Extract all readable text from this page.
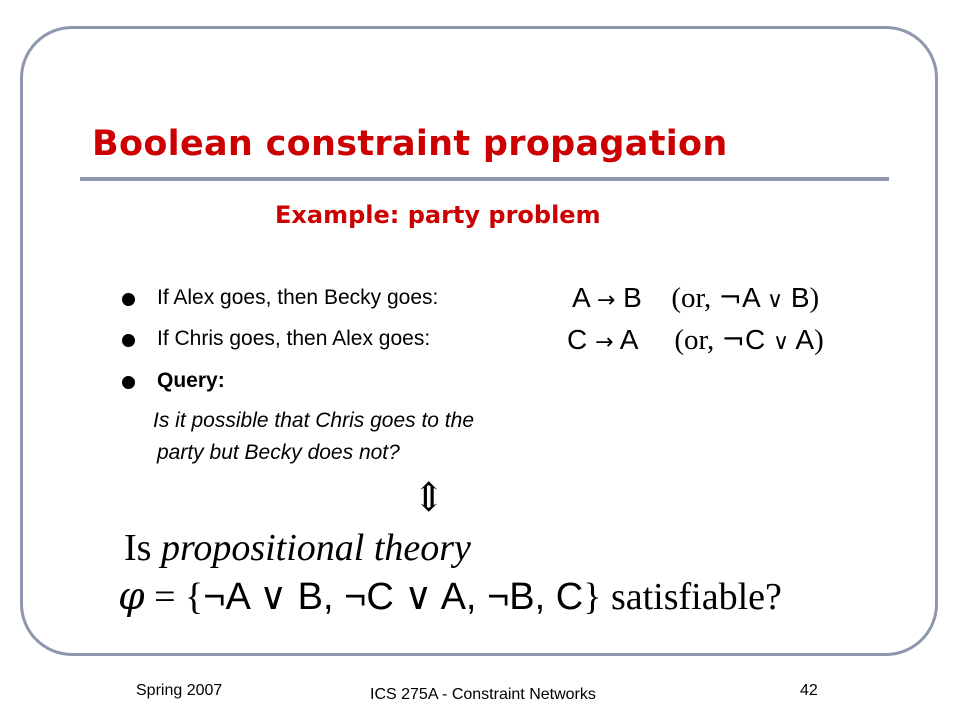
Boolean constraint propagation
Example: party problem
If Alex goes, then Becky goes:	A → B (or, ¬A ∨ B)
If Chris goes, then Alex goes:	C → A (or, ¬C ∨ A)
Query:
Is it possible that Chris goes to the
party but Becky does not?
⇕
Is propositional theory
φ = {¬A ∨ B, ¬C ∨ A, ¬B, C} satisfiable?
Spring 2007	ICS 275A - Constraint Networks	42
